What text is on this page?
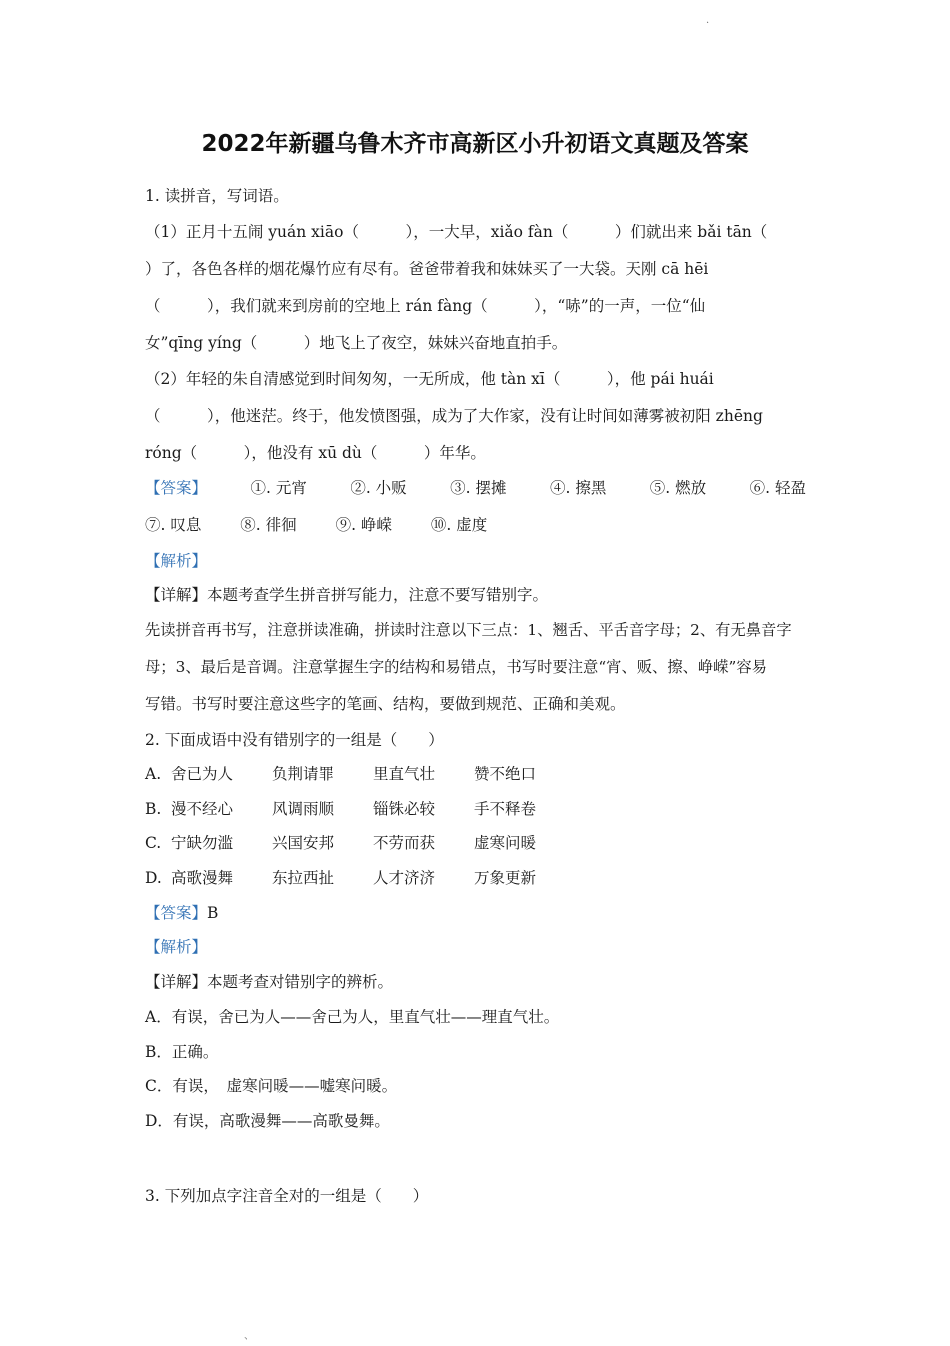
·
2022年新疆乌鲁木齐市高新区小升初语文真题及答案
1. 读拼音，写词语。
（1）正月十五闹 yuán xiāo（　　　），一大早，xiǎo fàn（　　　）们就出来 bǎi tān（
）了，各色各样的烟花爆竹应有尽有。爸爸带着我和妹妹买了一大袋。天刚 cā hēi
（　　　），我们就来到房前的空地上 rán fàng（　　　），“哧”的一声，一位“仙
女”qīng yíng（　　　）地飞上了夜空，妹妹兴奋地直拍手。
（2）年轻的朱自清感觉到时间匆匆，一无所成，他 tàn xī（　　　），他 pái huái
（　　　），他迷茫。终于，他发愤图强，成为了大作家，没有让时间如薄雾被初阳 zhēng
róng（　　　），他没有 xū dù（　　　）年华。
【答案】	①. 元宵	②. 小贩	③. 摆摊	④. 擦黑	⑤. 燃放	⑥. 轻盈
⑦. 叹息	⑧. 徘徊	⑨. 峥嵘	⑩. 虚度
【解析】
【详解】本题考查学生拼音拼写能力，注意不要写错别字。
先读拼音再书写，注意拼读准确，拼读时注意以下三点：1、翘舌、平舌音字母；2、有无鼻音字
母；3、最后是音调。注意掌握生字的结构和易错点，书写时要注意“宵、贩、擦、峥嵘”容易
写错。书写时要注意这些字的笔画、结构，要做到规范、正确和美观。
2. 下面成语中没有错别字的一组是（　　）
A. 舍已为人	负荆请罪	里直气壮	赞不绝口
B. 漫不经心	风调雨顺	锱铢必较	手不释卷
C. 宁缺勿滥	兴国安邦	不劳而获	虚寒问暖
D. 高歌漫舞	东拉西扯	人才济济	万象更新
【答案】B
【解析】
【详解】本题考查对错别字的辨析。
A．有误，舍已为人——舍己为人，里直气壮——理直气壮。
B．正确。
C．有误，　虚寒问暖——嘘寒问暖。
D．有误，高歌漫舞——高歌曼舞。
3. 下列加点字注音全对的一组是（　　）
、
